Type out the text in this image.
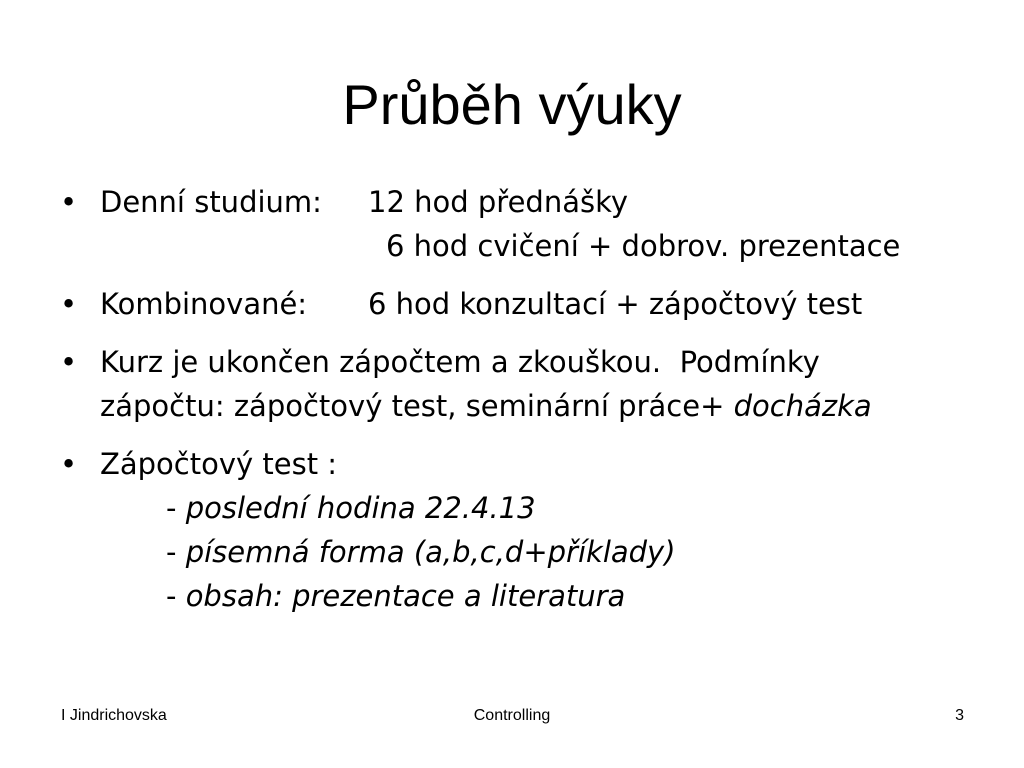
Průběh výuky
• Denní studium: 12 hod přednášky
6 hod cvičení + dobrov. prezentace
• Kombinované: 6 hod konzultací + zápočtový test
• Kurz je ukončen zápočtem a zkouškou.  Podmínky
zápočtu: zápočtový test, seminární práce+ docházka
• Zápočtový test :
- poslední hodina 22.4.13
- písemná forma (a,b,c,d+příklady)
- obsah: prezentace a literatura
I Jindrichovska	Controlling	3
